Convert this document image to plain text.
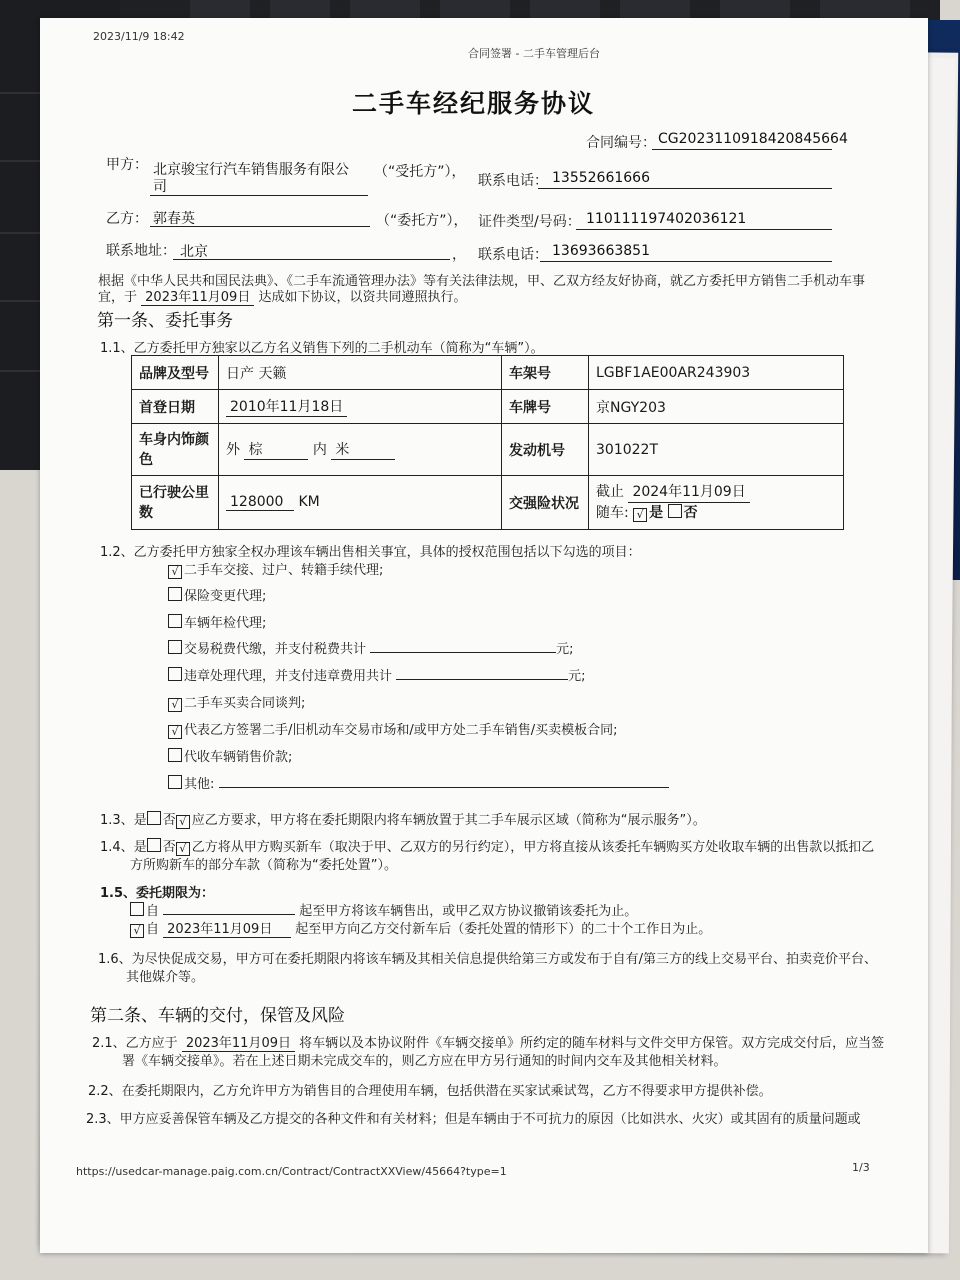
2023/11/9 18:42
合同签署 - 二手车管理后台
二手车经纪服务协议
合同编号： CG2023110918420845664
甲方： 北京骏宝行汽车销售服务有限公
司
（“受托方”），
联系电话： 13552661666
乙方： 郭春英	（“委托方”）， 证件类型/号码： 110111197402036121
联系地址： 北京	， 联系电话： 13693663851
根据《中华人民共和国民法典》、《二手车流通管理办法》等有关法律法规，甲、乙双方经友好协商，就乙方委托甲方销售二手机动车事
宜，于 2023年11月09日 达成如下协议，以资共同遵照执行。
第一条、委托事务
1.1、乙方委托甲方独家以乙方名义销售下列的二手机动车（简称为“车辆”）。
品牌及型号	日产 天籁	车架号	LGBF1AE00AR243903
首登日期	2010年11月18日	车牌号	京NGY203
车身内饰颜色	外 棕 内 米	发动机号	301022T
已行驶公里数	128000 KM	交强险状况	截止 2024年11月09日
随车: √ 是 否
1.2、乙方委托甲方独家全权办理该车辆出售相关事宜，具体的授权范围包括以下勾选的项目：
√ 二手车交接、过户、转籍手续代理;
保险变更代理;
车辆年检代理;
交易税费代缴，并支付税费共计	元;
违章处理代理，并支付违章费用共计	元;
√ 二手车买卖合同谈判;
√ 代表乙方签署二手/旧机动车交易市场和/或甲方处二手车销售/买卖模板合同;
代收车辆销售价款;
其他:
1.3、是 否 √ 应乙方要求，甲方将在委托期限内将车辆放置于其二手车展示区域（简称为“展示服务”）。
1.4、是 否 √ 乙方将从甲方购买新车（取决于甲、乙双方的另行约定），甲方将直接从该委托车辆购买方处收取车辆的出售款以抵扣乙
方所购新车的部分车款（简称为“委托处置”）。
1.5、委托期限为：
自	起至甲方将该车辆售出，或甲乙双方协议撤销该委托为止。
√ 自 2023年11月09日 起至甲方向乙方交付新车后（委托处置的情形下）的二十个工作日为止。
1.6、为尽快促成交易，甲方可在委托期限内将该车辆及其相关信息提供给第三方或发布于自有/第三方的线上交易平台、拍卖竞价平台、
其他媒介等。
第二条、车辆的交付，保管及风险
2.1、乙方应于 2023年11月09日 将车辆以及本协议附件《车辆交接单》所约定的随车材料与文件交甲方保管。双方完成交付后，应当签
署《车辆交接单》。若在上述日期未完成交车的，则乙方应在甲方另行通知的时间内交车及其他相关材料。
2.2、在委托期限内，乙方允许甲方为销售目的合理使用车辆，包括供潜在买家试乘试驾，乙方不得要求甲方提供补偿。
2.3、甲方应妥善保管车辆及乙方提交的各种文件和有关材料；但是车辆由于不可抗力的原因（比如洪水、火灾）或其固有的质量问题或
https://usedcar-manage.paig.com.cn/Contract/ContractXXView/45664?type=1	1/3
